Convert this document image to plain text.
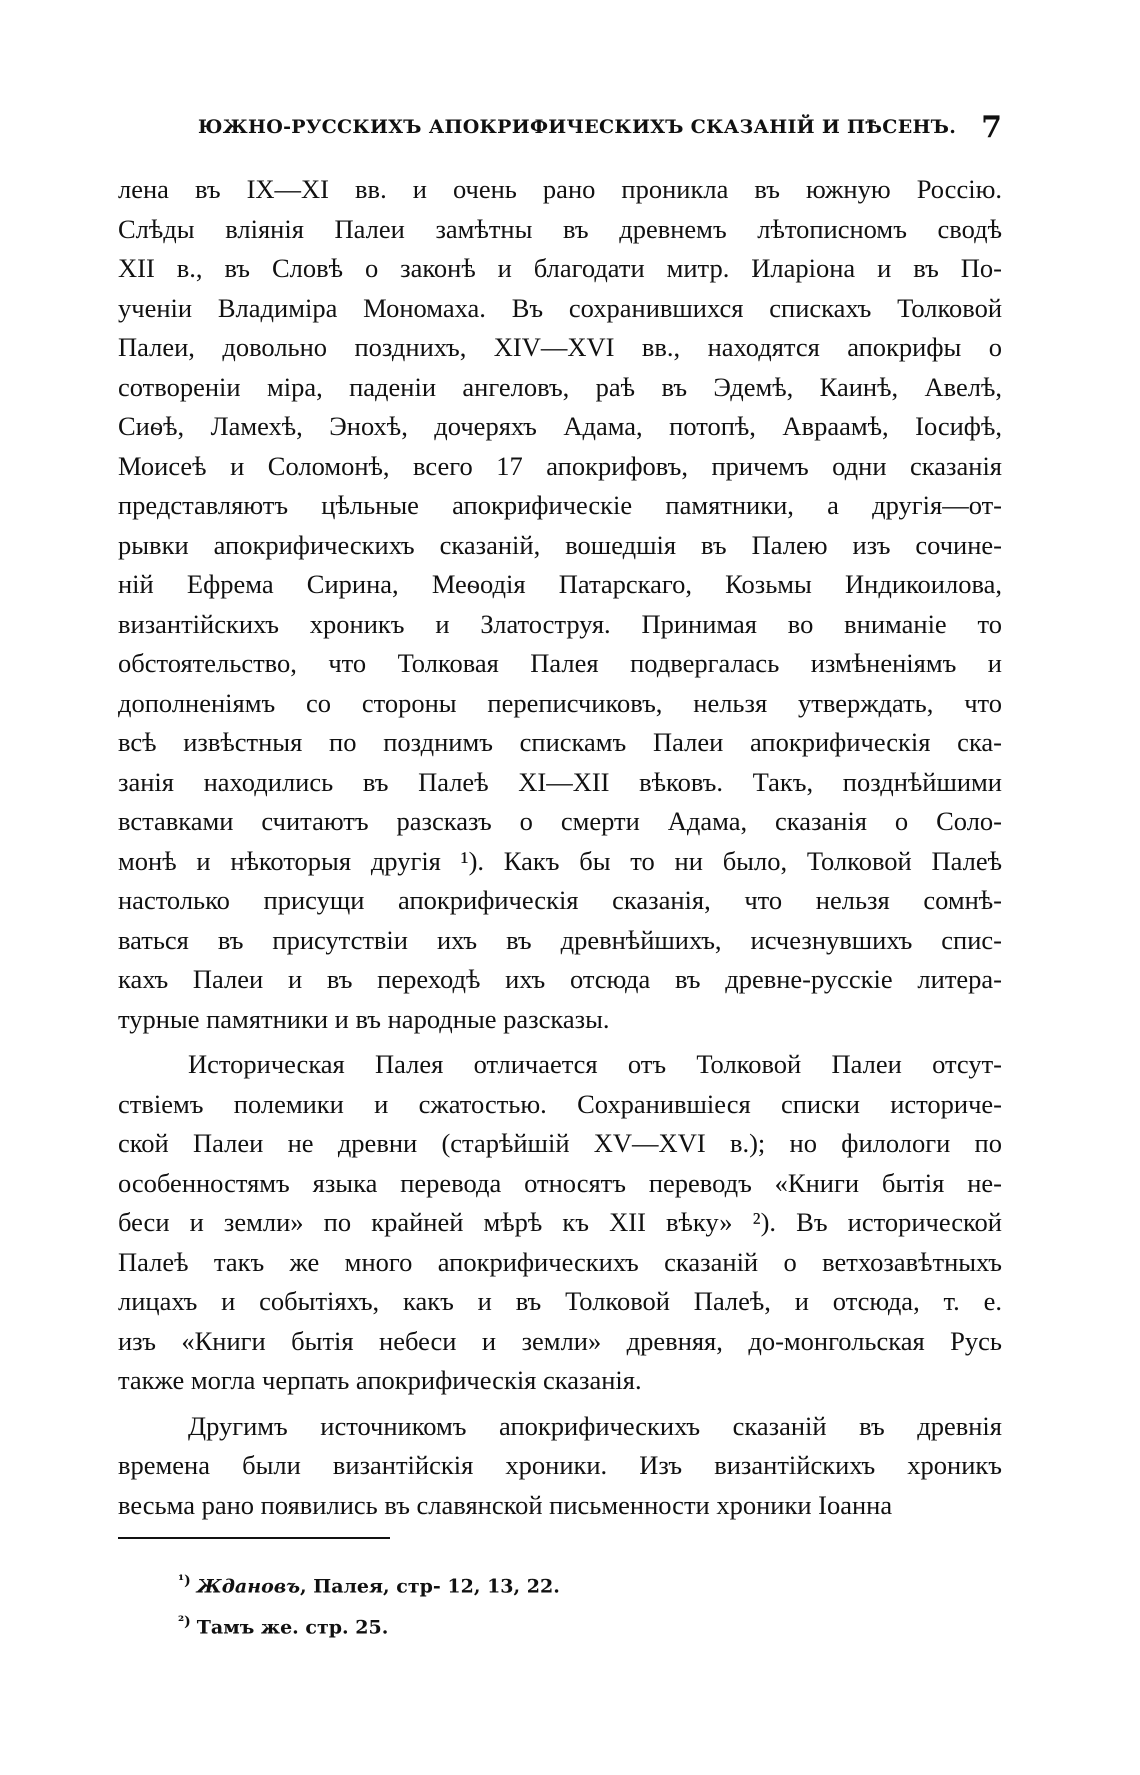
ЮЖНО-РУССКИХЪ АПОКРИФИЧЕСКИХЪ СКАЗАНІЙ И ПѢСЕНЪ. 7
лена въ IX—XI вв. и очень рано проникла въ южную Россію.
Слѣды вліянія Палеи замѣтны въ древнемъ лѣтописномъ сводѣ
XII в., въ Словѣ о законѣ и благодати митр. Иларіона и въ По-
ученіи Владиміра Мономаха. Въ сохранившихся спискахъ Толковой
Палеи, довольно позднихъ, XIV—XVI вв., находятся апокрифы о
сотвореніи міра, паденіи ангеловъ, раѣ въ Эдемѣ, Каинѣ, Авелѣ,
Сиѳѣ, Ламехѣ, Энохѣ, дочеряхъ Адама, потопѣ, Авраамѣ, Іосифѣ,
Моисеѣ и Соломонѣ, всего 17 апокрифовъ, причемъ одни сказанія
представляютъ цѣльные апокрифическіе памятники, а другія—от-
рывки апокрифическихъ сказаній, вошедшія въ Палею изъ сочине-
ній Ефрема Сирина, Меѳодія Патарскаго, Козьмы Индикоилова,
византійскихъ хроникъ и Златоструя. Принимая во вниманіе то
обстоятельство, что Толковая Палея подвергалась измѣненіямъ и
дополненіямъ со стороны переписчиковъ, нельзя утверждать, что
всѣ извѣстныя по позднимъ спискамъ Палеи апокрифическія ска-
занія находились въ Палеѣ XI—XII вѣковъ. Такъ, позднѣйшими
вставками считаютъ разсказъ о смерти Адама, сказанія о Соло-
монѣ и нѣкоторыя другія ¹). Какъ бы то ни было, Толковой Палеѣ
настолько присущи апокрифическія сказанія, что нельзя сомнѣ-
ваться въ присутствіи ихъ въ древнѣйшихъ, исчезнувшихъ спис-
кахъ Палеи и въ переходѣ ихъ отсюда въ древне-русскіе литера-
турные памятники и въ народные разсказы.
Историческая Палея отличается отъ Толковой Палеи отсут-
ствіемъ полемики и сжатостью. Сохранившіеся списки историче-
ской Палеи не древни (старѣйшій XV—XVI в.); но филологи по
особенностямъ языка перевода относятъ переводъ «Книги бытія не-
беси и земли» по крайней мѣрѣ къ XII вѣку» ²). Въ исторической
Палеѣ такъ же много апокрифическихъ сказаній о ветхозавѣтныхъ
лицахъ и событіяхъ, какъ и въ Толковой Палеѣ, и отсюда, т. е.
изъ «Книги бытія небеси и земли» древняя, до-монгольская Русь
также могла черпать апокрифическія сказанія.
Другимъ источникомъ апокрифическихъ сказаній въ древнія
времена были византійскія хроники. Изъ византійскихъ хроникъ
весьма рано появились въ славянской письменности хроники Іоанна
$^{^1)}$ Ждановъ, Палея, стр- 12, 13, 22.
$^{^2)}$ Тамъ же. стр. 25.
